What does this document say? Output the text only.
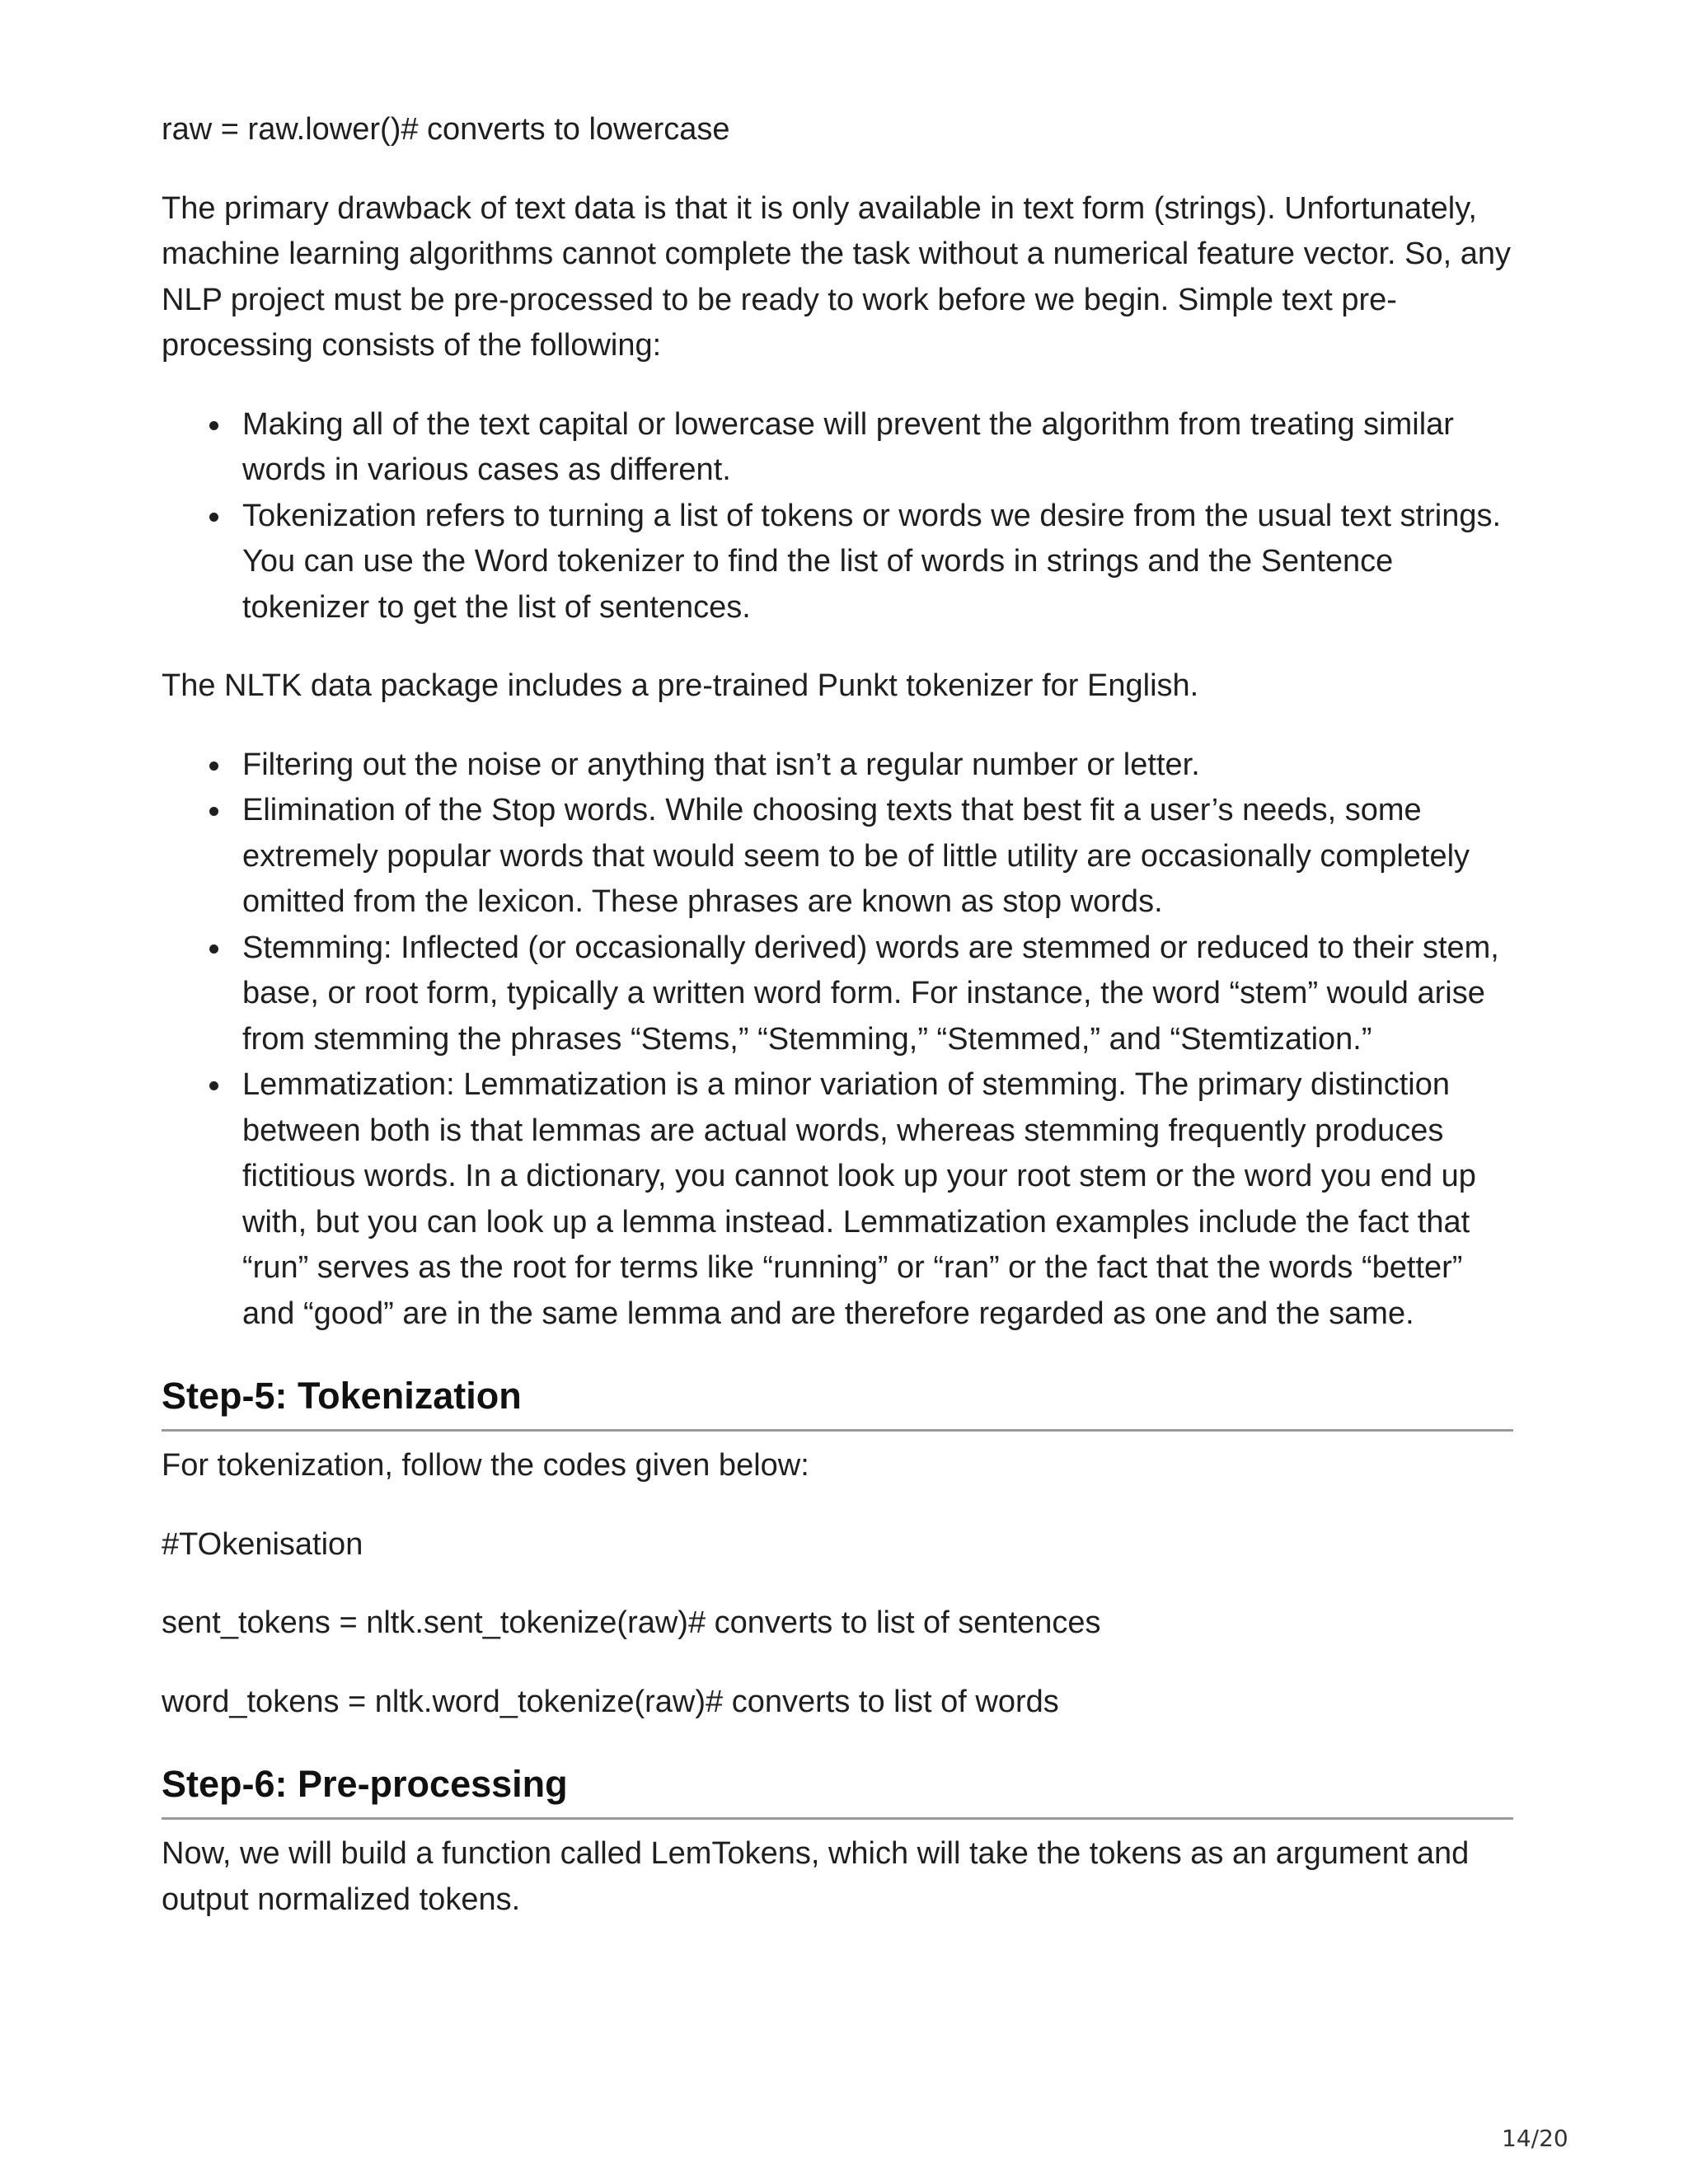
raw = raw.lower()# converts to lowercase

The primary drawback of text data is that it is only available in text form (strings). Unfortunately, machine learning algorithms cannot complete the task without a numerical feature vector. So, any NLP project must be pre-processed to be ready to work before we begin. Simple text pre-processing consists of the following:

Making all of the text capital or lowercase will prevent the algorithm from treating similar words in various cases as different.
Tokenization refers to turning a list of tokens or words we desire from the usual text strings. You can use the Word tokenizer to find the list of words in strings and the Sentence tokenizer to get the list of sentences.

The NLTK data package includes a pre-trained Punkt tokenizer for English.

Filtering out the noise or anything that isn’t a regular number or letter.
Elimination of the Stop words. While choosing texts that best fit a user’s needs, some extremely popular words that would seem to be of little utility are occasionally completely omitted from the lexicon. These phrases are known as stop words.
Stemming: Inflected (or occasionally derived) words are stemmed or reduced to their stem, base, or root form, typically a written word form. For instance, the word “stem” would arise from stemming the phrases “Stems,” “Stemming,” “Stemmed,” and “Stemtization.”
Lemmatization: Lemmatization is a minor variation of stemming. The primary distinction between both is that lemmas are actual words, whereas stemming frequently produces fictitious words. In a dictionary, you cannot look up your root stem or the word you end up with, but you can look up a lemma instead. Lemmatization examples include the fact that “run” serves as the root for terms like “running” or “ran” or the fact that the words “better” and “good” are in the same lemma and are therefore regarded as one and the same.
Step-5: Tokenization

For tokenization, follow the codes given below:

#TOkenisation

sent_tokens = nltk.sent_tokenize(raw)# converts to list of sentences

word_tokens = nltk.word_tokenize(raw)# converts to list of words

Step-6: Pre-processing

Now, we will build a function called LemTokens, which will take the tokens as an argument and output normalized tokens.

14/20
